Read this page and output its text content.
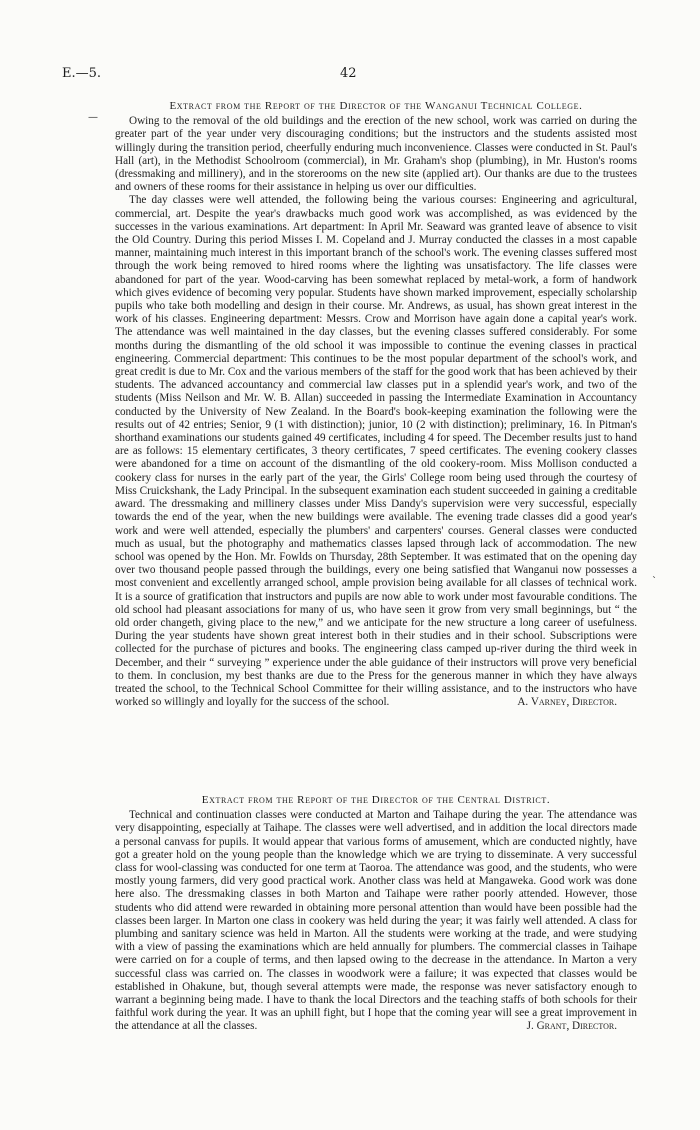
E.—5.	42
—
`
Extract from the Report of the Director of the Wanganui Technical College.

Owing to the removal of the old buildings and the erection of the new school, work was carried on during the greater part of the year under very discouraging conditions; but the instructors and the students assisted most willingly during the transition period, cheerfully enduring much inconvenience. Classes were conducted in St. Paul's Hall (art), in the Methodist Schoolroom (commercial), in Mr. Graham's shop (plumbing), in Mr. Huston's rooms (dressmaking and millinery), and in the storerooms on the new site (applied art). Our thanks are due to the trustees and owners of these rooms for their assistance in helping us over our difficulties.

The day classes were well attended, the following being the various courses: Engineering and agricultural, commercial, art. Despite the year's drawbacks much good work was accomplished, as was evidenced by the successes in the various examinations. Art department: In April Mr. Seaward was granted leave of absence to visit the Old Country. During this period Misses I. M. Copeland and J. Murray conducted the classes in a most capable manner, maintaining much interest in this important branch of the school's work. The evening classes suffered most through the work being removed to hired rooms where the lighting was unsatisfactory. The life classes were abandoned for part of the year. Wood-carving has been somewhat replaced by metal-work, a form of handwork which gives evidence of becoming very popular. Students have shown marked improvement, especially scholarship pupils who take both modelling and design in their course. Mr. Andrews, as usual, has shown great interest in the work of his classes. Engineering department: Messrs. Crow and Morrison have again done a capital year's work. The attendance was well maintained in the day classes, but the evening classes suffered considerably. For some months during the dismantling of the old school it was impossible to continue the evening classes in practical engineering. Commercial department: This continues to be the most popular department of the school's work, and great credit is due to Mr. Cox and the various members of the staff for the good work that has been achieved by their students. The advanced accountancy and commercial law classes put in a splendid year's work, and two of the students (Miss Neilson and Mr. W. B. Allan) succeeded in passing the Intermediate Examination in Accountancy conducted by the University of New Zealand. In the Board's book-keeping examination the following were the results out of 42 entries; Senior, 9 (1 with distinction); junior, 10 (2 with distinction); preliminary, 16. In Pitman's shorthand examinations our students gained 49 certificates, including 4 for speed. The December results just to hand are as follows: 15 elementary certificates, 3 theory certificates, 7 speed certificates. The evening cookery classes were abandoned for a time on account of the dismantling of the old cookery-room. Miss Mollison conducted a cookery class for nurses in the early part of the year, the Girls' College room being used through the courtesy of Miss Cruickshank, the Lady Principal. In the subsequent examination each student succeeded in gaining a creditable award. The dressmaking and millinery classes under Miss Dandy's supervision were very successful, especially towards the end of the year, when the new buildings were available. The evening trade classes did a good year's work and were well attended, especially the plumbers' and carpenters' courses. General classes were conducted much as usual, but the photography and mathematics classes lapsed through lack of accommodation. The new school was opened by the Hon. Mr. Fowlds on Thursday, 28th September. It was estimated that on the opening day over two thousand people passed through the buildings, every one being satisfied that Wanganui now possesses a most convenient and excellently arranged school, ample provision being available for all classes of technical work. It is a source of gratification that instructors and pupils are now able to work under most favourable conditions. The old school had pleasant associations for many of us, who have seen it grow from very small beginnings, but “ the old order changeth, giving place to the new,” and we anticipate for the new structure a long career of usefulness. During the year students have shown great interest both in their studies and in their school. Subscriptions were collected for the purchase of pictures and books. The engineering class camped up-river during the third week in December, and their “ surveying ” experience under the able guidance of their instructors will prove very beneficial to them. In conclusion, my best thanks are due to the Press for the generous manner in which they have always treated the school, to the Technical School Committee for their willing assistance, and to the instructors who have worked so willingly and loyally for the success of the school.	A. Varney, Director.

Extract from the Report of the Director of the Central District.

Technical and continuation classes were conducted at Marton and Taihape during the year. The attendance was very disappointing, especially at Taihape. The classes were well advertised, and in addition the local directors made a personal canvass for pupils. It would appear that various forms of amusement, which are conducted nightly, have got a greater hold on the young people than the knowledge which we are trying to disseminate. A very successful class for wool-classing was conducted for one term at Taoroa. The attendance was good, and the students, who were mostly young farmers, did very good practical work. Another class was held at Mangaweka. Good work was done here also. The dressmaking classes in both Marton and Taihape were rather poorly attended. However, those students who did attend were rewarded in obtaining more personal attention than would have been possible had the classes been larger. In Marton one class in cookery was held during the year; it was fairly well attended. A class for plumbing and sanitary science was held in Marton. All the students were working at the trade, and were studying with a view of passing the examinations which are held annually for plumbers. The commercial classes in Taihape were carried on for a couple of terms, and then lapsed owing to the decrease in the attendance. In Marton a very successful class was carried on. The classes in woodwork were a failure; it was expected that classes would be established in Ohakune, but, though several attempts were made, the response was never satisfactory enough to warrant a beginning being made. I have to thank the local Directors and the teaching staffs of both schools for their faithful work during the year. It was an uphill fight, but I hope that the coming year will see a great improvement in the attendance at all the classes.	J. Grant, Director.
